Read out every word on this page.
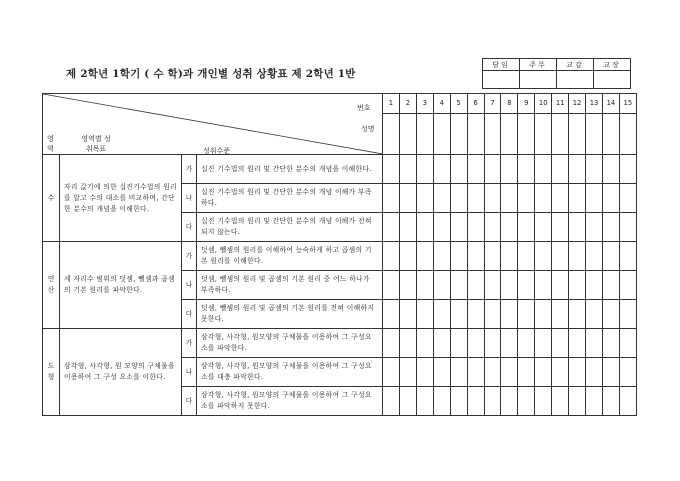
제 2학년 1학기 ( 수 학)과 개인별 성취 상황표 제 2학년 1반
담임	주무	교감	교장

번호
성명
영역별 성취목표 성취수준
영역				1	2	3	4	5	6	7	8	9	10	11	12	13	14	15

수	자리 값기에 의한 십진기수법의 원리를 알고 수의 대소를 비교하며, 간단한 분수의 개념을 이해한다.	가	십진 기수법의 원리 및 간단한 분수의 개념을 이해한다.															
		나	십진 기수법의 원리 및 간단한 분수의 개념 이해가 부족하다.															
		다	십진 기수법의 원리 및 간단한 분수의 개념 이해가 전혀 되지 않는다.															
연산	세 자리수 범위의 덧셈, 뺄셈과 곱셈의 기본 원리를 파악한다.	가	덧셈, 뺄셈의 원리를 이해하여 능숙하게 하고 곱셈의 기본 원리를 이해한다.															
		나	덧셈, 뺄셈의 원리 및 곱셈의 기본 원리 중 어느 하나가 부족하다.															
		다	덧셈, 뺄셈의 원리 및 곱셈의 기본 원리를 전혀 이해하지 못한다.															
도형	삼각형, 사각형, 원 모양의 구체물을 이용하여 그 구성 요소를 이한다.	가	삼각형, 사각형, 원모양의 구체물을 이용하여 그 구성요소를 파악한다.															
		나	삼각형, 사각형, 원모양의 구체물을 이용하여 그 구성요소를 대충 파악한다.															
		다	삼각형, 사각형, 원모양의 구체물을 이용하여 그 구성요소를 파악하지 못한다.															
